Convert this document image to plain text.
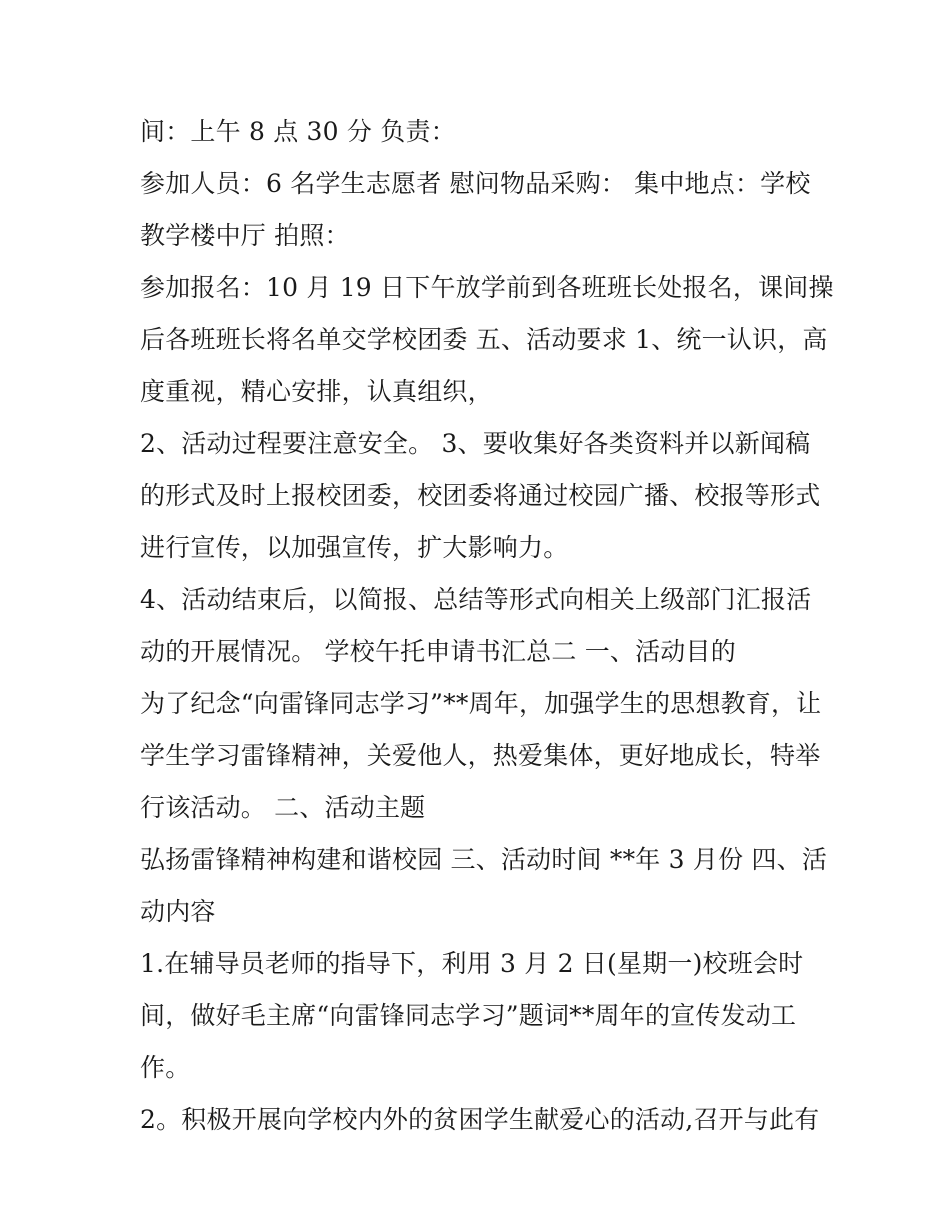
间：上午 8 点 30 分 负责：
参加人员：6 名学生志愿者 慰问物品采购： 集中地点：学校
教学楼中厅 拍照：
参加报名：10 月 19 日下午放学前到各班班长处报名，课间操
后各班班长将名单交学校团委 五、活动要求 1、统一认识，高
度重视，精心安排，认真组织，
2、活动过程要注意安全。 3、要收集好各类资料并以新闻稿
的形式及时上报校团委，校团委将通过校园广播、校报等形式
进行宣传，以加强宣传，扩大影响力。
4、活动结束后，以简报、总结等形式向相关上级部门汇报活
动的开展情况。 学校午托申请书汇总二 一、活动目的
为了纪念“向雷锋同志学习”**周年，加强学生的思想教育，让
学生学习雷锋精神，关爱他人，热爱集体，更好地成长，特举
行该活动。 二、活动主题
弘扬雷锋精神构建和谐校园 三、活动时间 **年 3 月份 四、活
动内容
1.在辅导员老师的指导下，利用 3 月 2 日(星期一)校班会时
间，做好毛主席“向雷锋同志学习”题词**周年的宣传发动工
作。
2。积极开展向学校内外的贫困学生献爱心的活动,召开与此有
